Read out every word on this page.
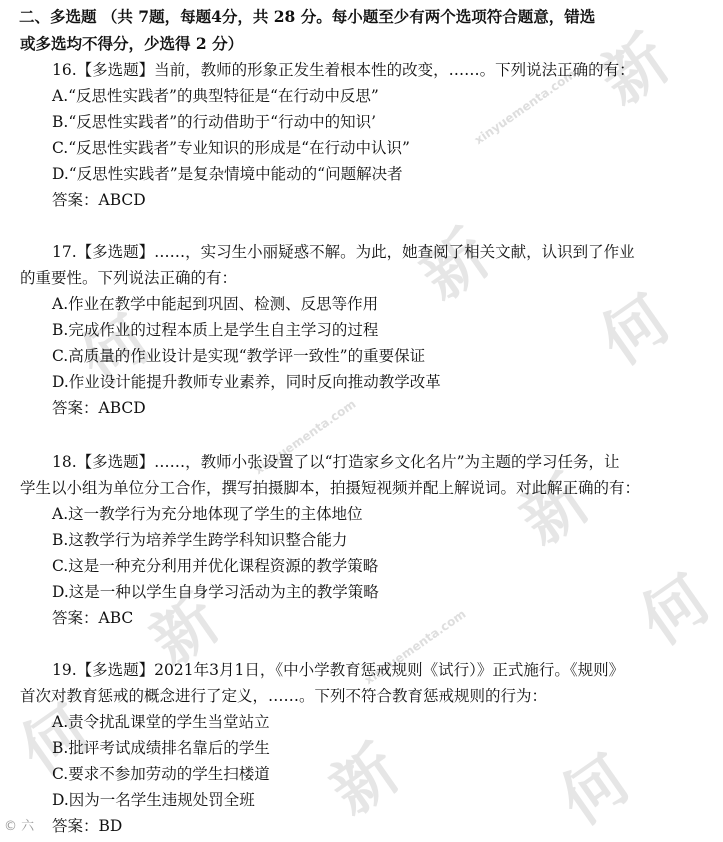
新
何
新
何
新
何
新
何	新 何
xinyuementa.com
xinyuementa.com
xinyuementa.com
二、多选题 （共 7题，每题4分，共 28 分。每小题至少有两个选项符合题意，错选
或多选均不得分，少选得 2 分）
16.【多选题】当前，教师的形象正发生着根本性的改变，……。下列说法正确的有：
A.“反思性实践者”的典型特征是“在行动中反思”
B.“反思性实践者”的行动借助于“行动中的知识’
C.“反思性实践者”专业知识的形成是“在行动中认识”
D.“反思性实践者”是复杂情境中能动的“问题解决者
答案：ABCD
17.【多选题】……，实习生小丽疑惑不解。为此，她查阅了相关文献，认识到了作业
的重要性。下列说法正确的有：
A.作业在教学中能起到巩固、检测、反思等作用
B.完成作业的过程本质上是学生自主学习的过程
C.高质量的作业设计是实现“教学评一致性”的重要保证
D.作业设计能提升教师专业素养，同时反向推动教学改革
答案：ABCD
18.【多选题】……，教师小张设置了以“打造家乡文化名片”为主题的学习任务，让
学生以小组为单位分工合作，撰写拍摄脚本，拍摄短视频并配上解说词。对此解正确的有：
A.这一教学行为充分地体现了学生的主体地位
B.这教学行为培养学生跨学科知识整合能力
C.这是一种充分利用并优化课程资源的教学策略
D.这是一种以学生自身学习活动为主的教学策略
答案：ABC
19.【多选题】2021年3月1日，《中小学教育惩戒规则《试行）》正式施行。《规则》
首次对教育惩戒的概念进行了定义，……。下列不符合教育惩戒规则的行为：
A.责令扰乱课堂的学生当堂站立
B.批评考试成绩排名靠后的学生
C.要求不参加劳动的学生扫楼道
D.因为一名学生违规处罚全班
答案：BD
© 六
